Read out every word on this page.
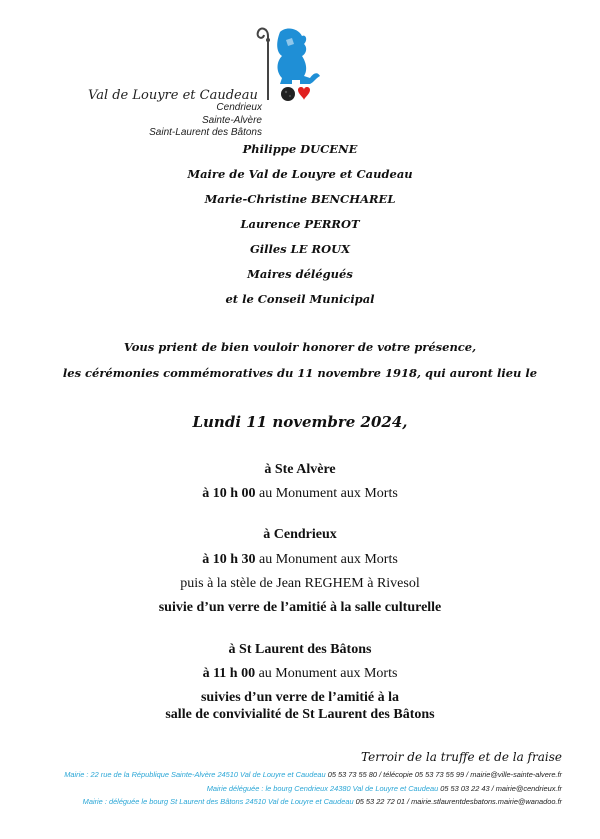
Val de Louyre et Caudeau
Cendrieux
Sainte-Alvère
Saint-Laurent des Bâtons
Philippe DUCENE
Maire de Val de Louyre et Caudeau
Marie-Christine BENCHAREL
Laurence PERROT
Gilles LE ROUX
Maires délégués
et le Conseil Municipal
Vous prient de bien vouloir honorer de votre présence,
les cérémonies commémoratives du 11 novembre 1918, qui auront lieu le
Lundi 11 novembre 2024,
à Ste Alvère
à 10 h 00 au Monument aux Morts
à Cendrieux
à 10 h 30 au Monument aux Morts
puis à la stèle de Jean REGHEM à Rivesol
suivie d’un verre de l’amitié à la salle culturelle
à St Laurent des Bâtons
à 11 h 00 au Monument aux Morts
suivies d’un verre de l’amitié à la
salle de convivialité de St Laurent des Bâtons
Terroir de la truffe et de la fraise
Mairie : 22 rue de la République Sainte-Alvère 24510 Val de Louyre et Caudeau 05 53 73 55 80 / télécopie 05 53 73 55 99 / mairie@ville-sainte-alvere.fr
Mairie déléguée : le bourg Cendrieux 24380 Val de Louyre et Caudeau 05 53 03 22 43 / mairie@cendrieux.fr
Mairie : déléguée le bourg St Laurent des Bâtons 24510 Val de Louyre et Caudeau 05 53 22 72 01 / mairie.stlaurentdesbatons.mairie@wanadoo.fr
